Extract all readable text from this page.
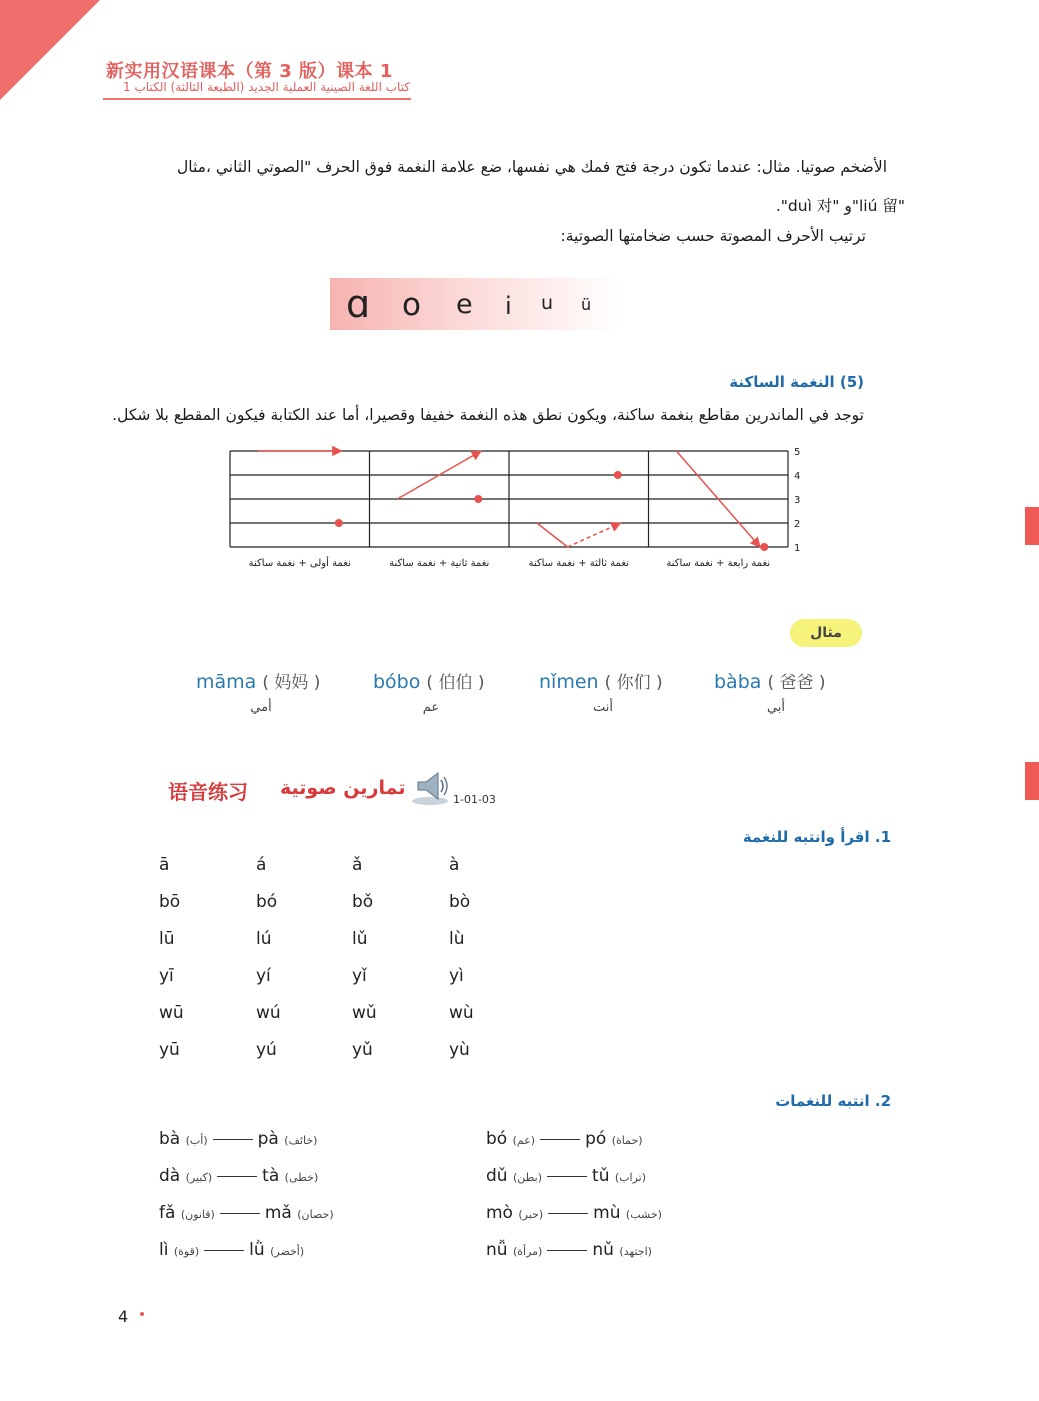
新实用汉语课本（第 3 版）课本 1
كتاب اللغة الصينية العملية الجديد (الطبعة الثالثة) الكتاب 1
الأضخم صوتيا. مثال: عندما تكون درجة فتح فمك هي نفسها، ضع علامة النغمة فوق الحرف "الصوتي الثاني ،مثال
."duì 对" و"liú 留"
ترتيب الأحرف المصوتة حسب ضخامتها الصوتية:
ɑ o e i u ü
(5) النغمة الساكنة
توجد في الماندرين مقاطع بنغمة ساكنة، ويكون نطق هذه النغمة خفيفا وقصيرا، أما عند الكتابة فيكون المقطع بلا شكل.
5
4
3
2
1
نغمة أولى + نغمة ساكنة	نغمة ثانية + نغمة ساكنة	نغمة ثالثة + نغمة ساكنة	نغمة رابعة + نغمة ساكنة
مثال
māma ( 妈妈 )	bóbo ( 伯伯 )	nǐmen ( 你们 )	bàba ( 爸爸 )
أمي	عم	أنت	أبي
语音练习 تمارين صوتية
1-01-03
1. اقرأ وانتبه للنغمة
ā	á	ǎ	à
bō	bó	bǒ	bò
lū	lú	lǔ	lù
yī	yí	yǐ	yì
wū	wú	wǔ	wù
yū	yú	yǔ	yù
2. انتبه للنغمات
bà (أب)	pà (خائف)
dà (كبير)	tà (خطى)
fǎ (قانون)	mǎ (حصان)
lì (قوة)	lǜ (أخضر)
bó (عم)	pó (حماة)
dǔ (بطن)	tǔ (تراب)
mò (حبر)	mù (خشب)
nǚ (مرأة)	nǔ (اجتهد)
4
